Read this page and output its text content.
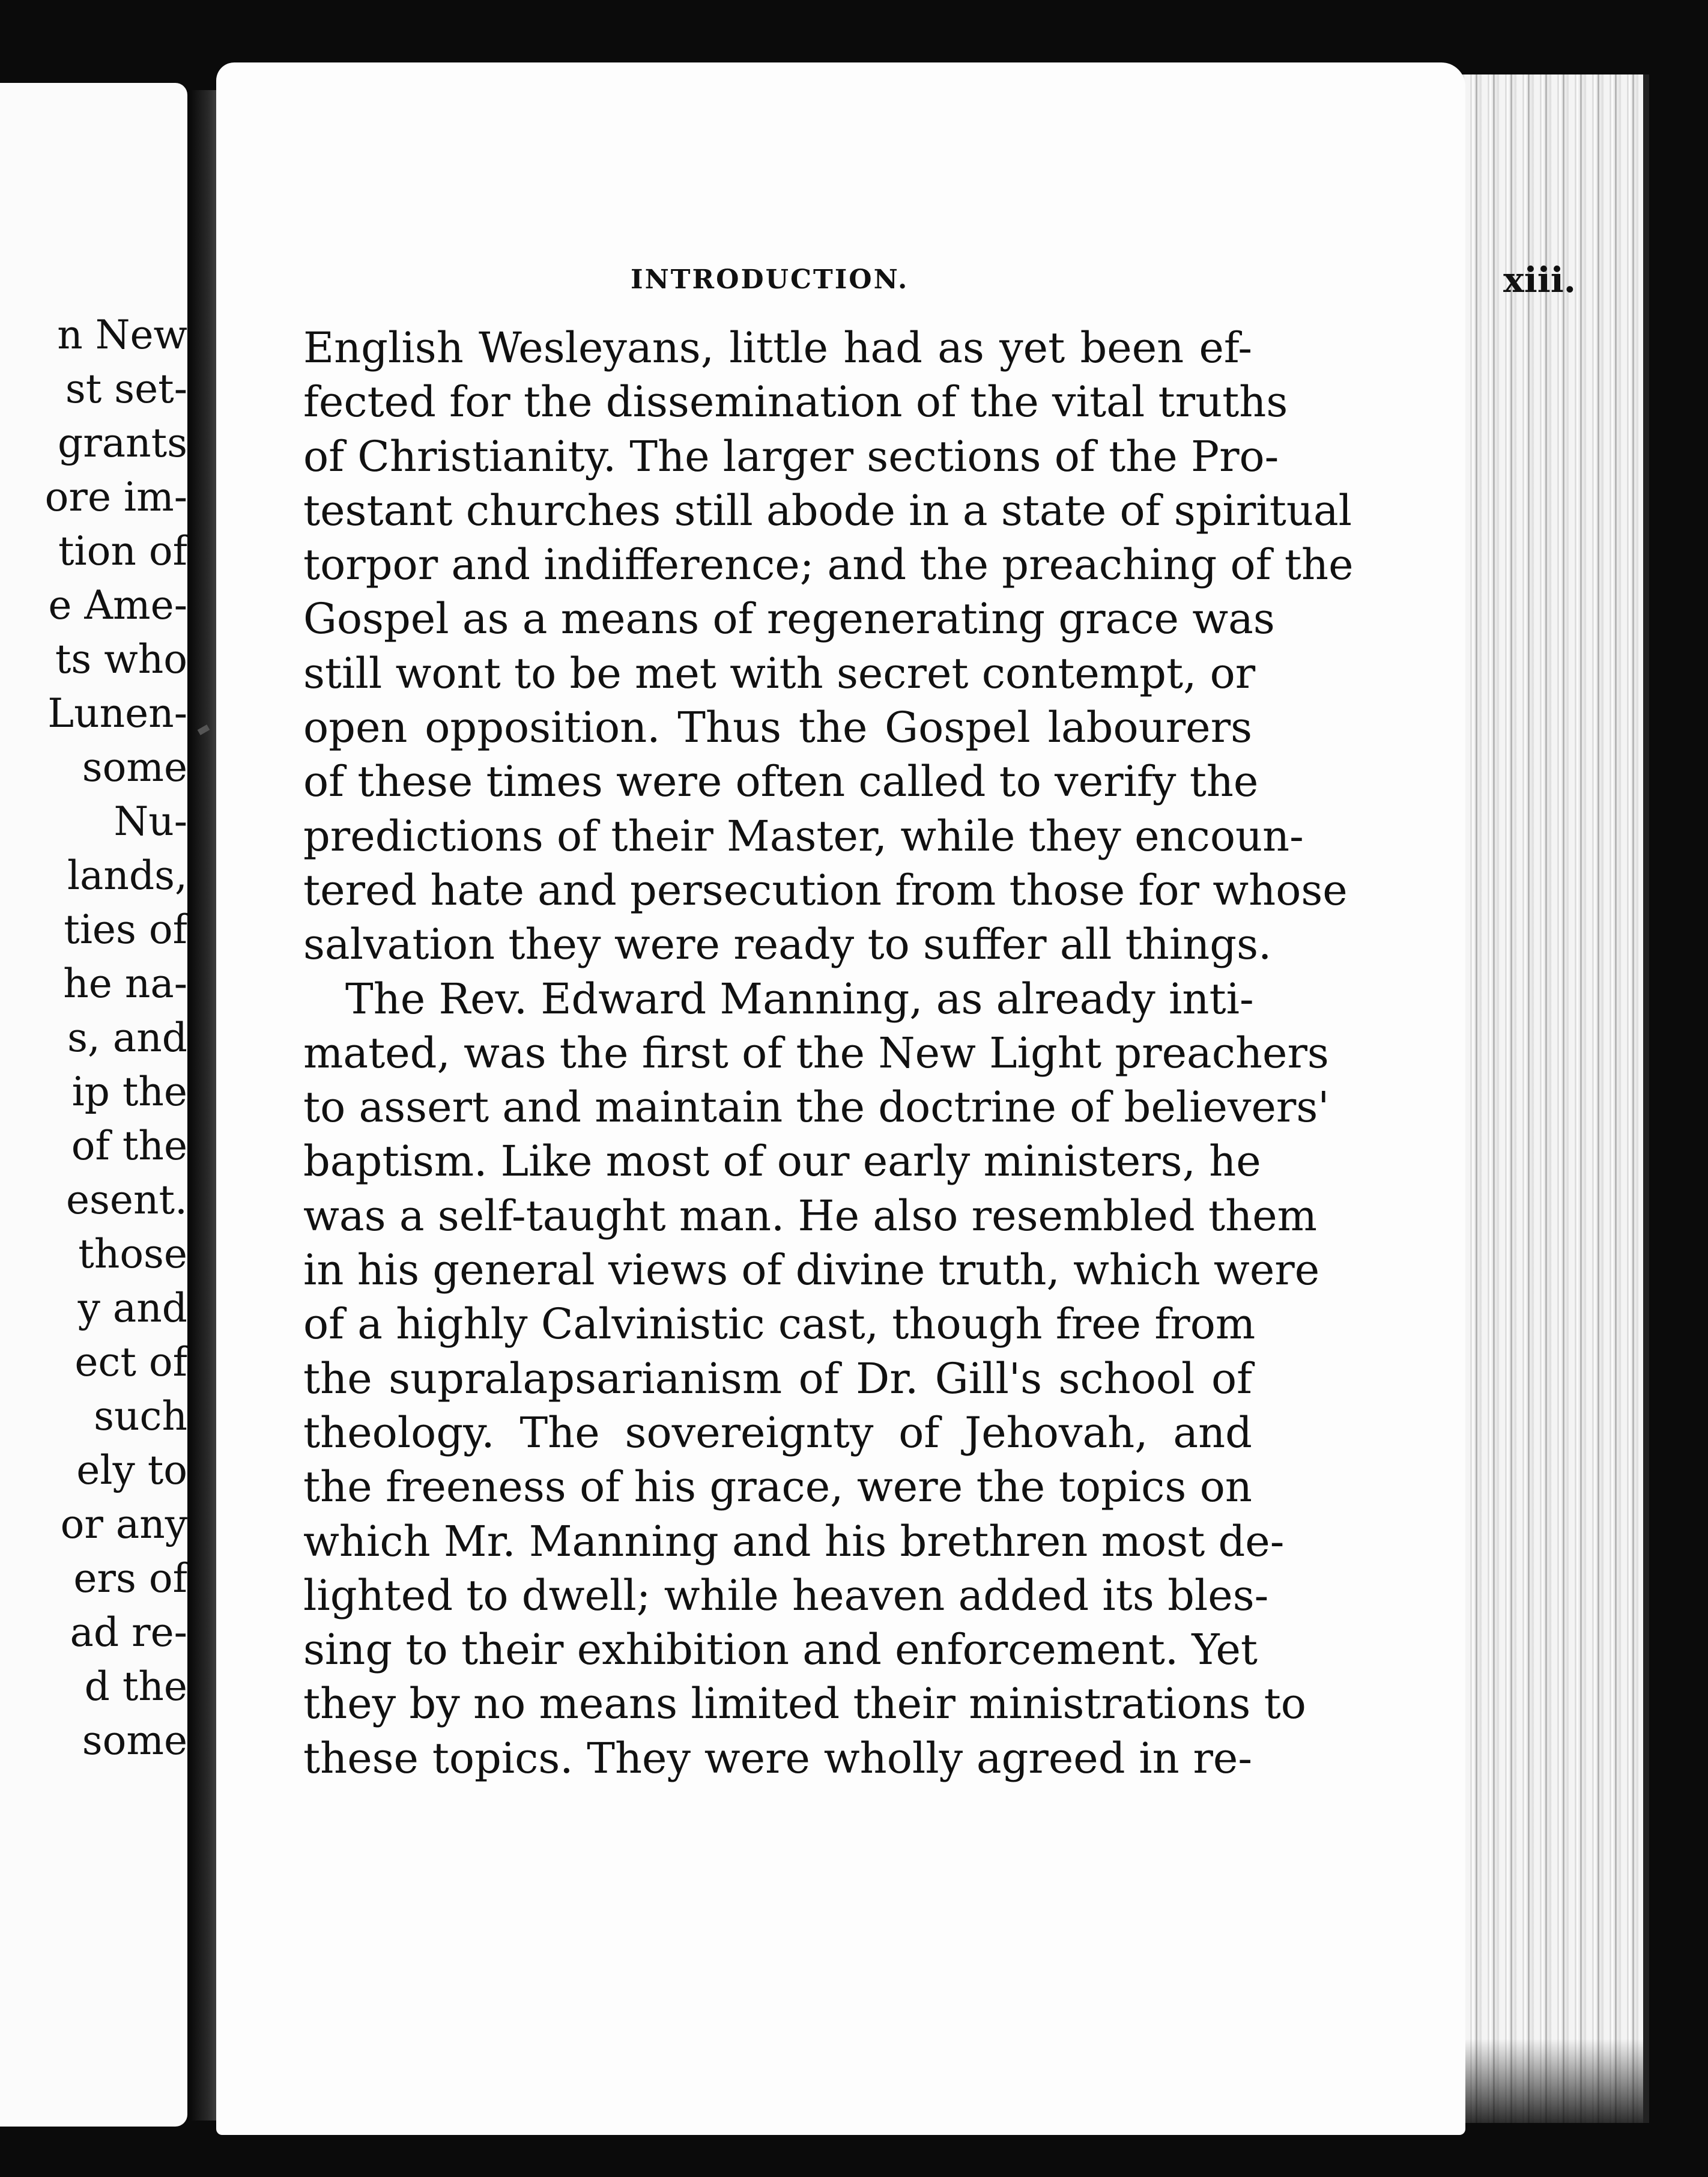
n New
st set-
grants
ore im-
tion of
e Ame-
ts who
Lunen-
some
Nu-
lands,
ties of
he na-
s, and
ip the
of the
esent.
those
y and
ect of
such
ely to
or any
ers of
ad re-
d the
some
INTRODUCTION.	xiii.
English Wesleyans, little had as yet been ef-
fected for the dissemination of the vital truths
of Christianity. The larger sections of the Pro-
testant churches still abode in a state of spiritual
torpor and indifference; and the preaching of the
Gospel as a means of regenerating grace was
still wont to be met with secret contempt, or
open opposition. Thus the Gospel labourers
of these times were often called to verify the
predictions of their Master, while they encoun-
tered hate and persecution from those for whose
salvation they were ready to suffer all things.
The Rev. Edward Manning, as already inti-
mated, was the first of the New Light preachers
to assert and maintain the doctrine of believers'
baptism. Like most of our early ministers, he
was a self-taught man. He also resembled them
in his general views of divine truth, which were
of a highly Calvinistic cast, though free from
the supralapsarianism of Dr. Gill's school of
theology. The sovereignty of Jehovah, and
the freeness of his grace, were the topics on
which Mr. Manning and his brethren most de-
lighted to dwell; while heaven added its bles-
sing to their exhibition and enforcement. Yet
they by no means limited their ministrations to
these topics. They were wholly agreed in re-
